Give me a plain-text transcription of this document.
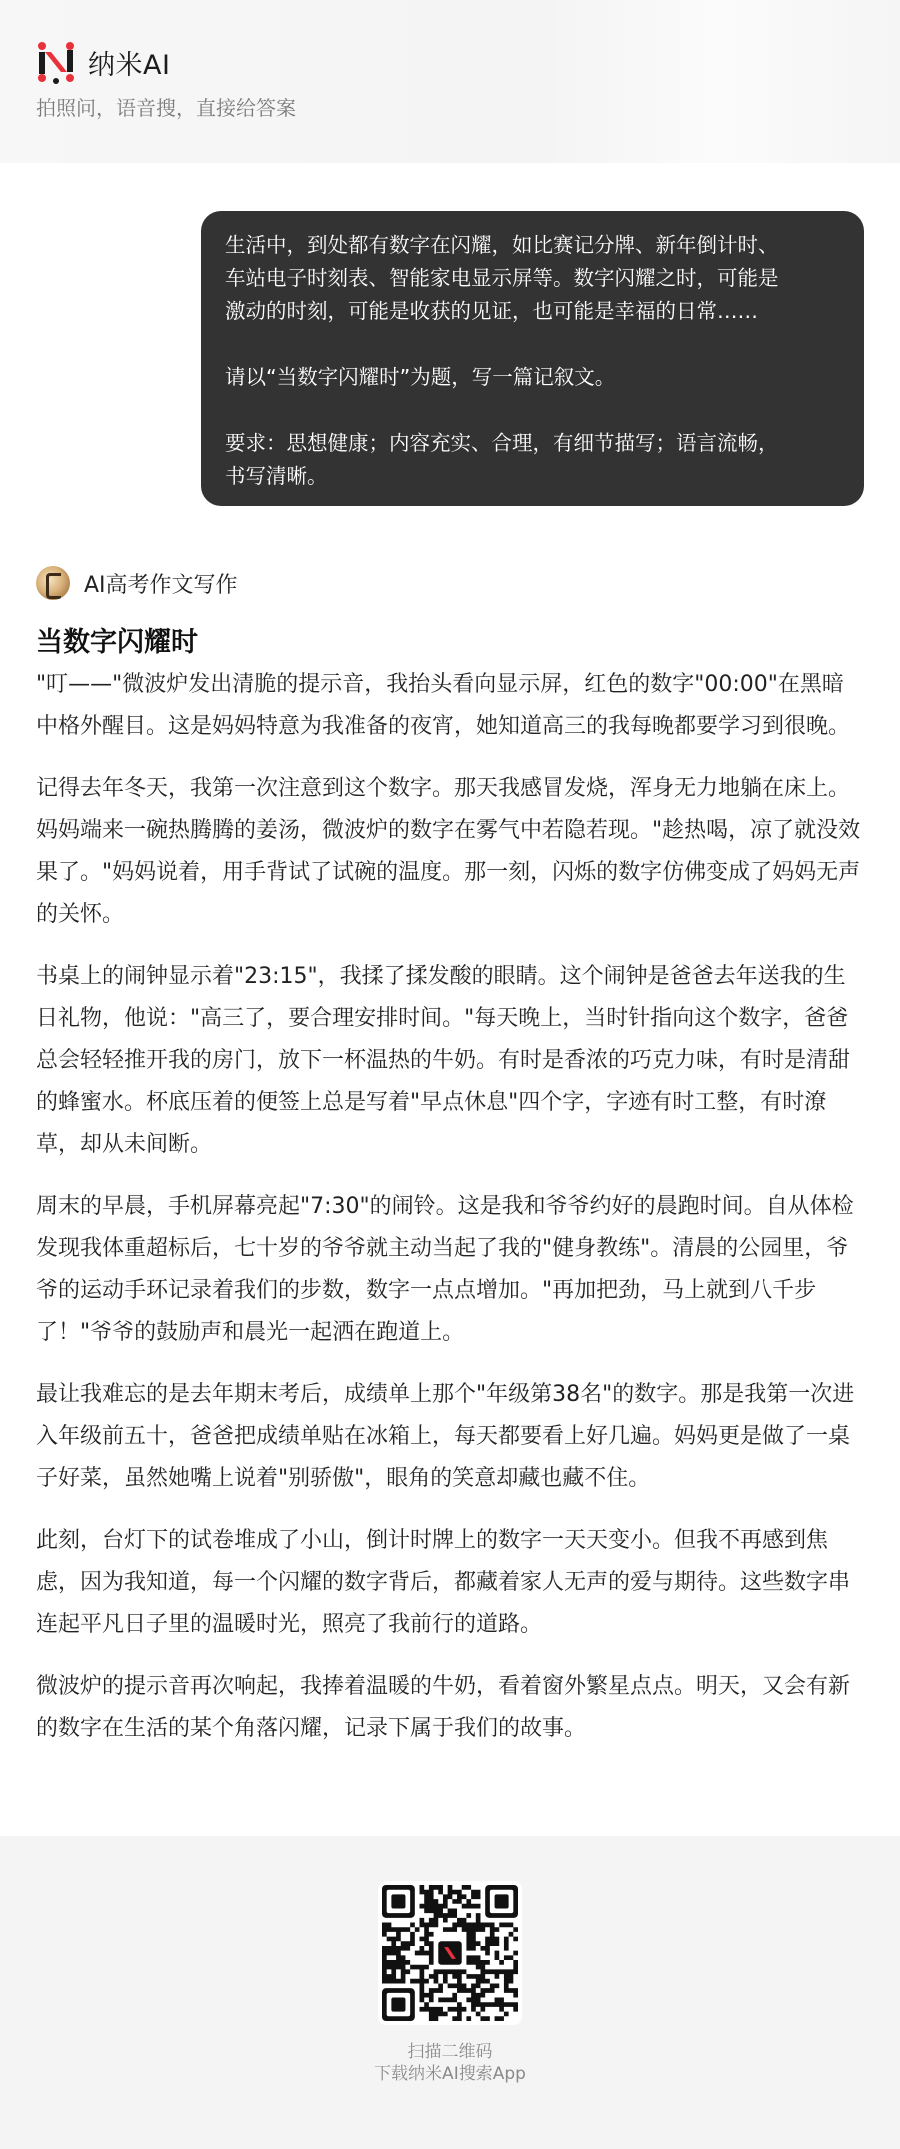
纳米AI
拍照问，语音搜，直接给答案

生活中，到处都有数字在闪耀，如比赛记分牌、新年倒计时、
车站电子时刻表、智能家电显示屏等。数字闪耀之时，可能是
激动的时刻，可能是收获的见证，也可能是幸福的日常……

请以“当数字闪耀时”为题，写一篇记叙文。

要求：思想健康；内容充实、合理，有细节描写；语言流畅，
书写清晰。

AI高考作文写作
当数字闪耀时

"叮——"微波炉发出清脆的提示音，我抬头看向显示屏，红色的数字"00:00"在黑暗中格外醒目。这是妈妈特意为我准备的夜宵，她知道高三的我每晚都要学习到很晚。

记得去年冬天，我第一次注意到这个数字。那天我感冒发烧，浑身无力地躺在床上。妈妈端来一碗热腾腾的姜汤，微波炉的数字在雾气中若隐若现。"趁热喝，凉了就没效果了。"妈妈说着，用手背试了试碗的温度。那一刻，闪烁的数字仿佛变成了妈妈无声的关怀。

书桌上的闹钟显示着"23:15"，我揉了揉发酸的眼睛。这个闹钟是爸爸去年送我的生日礼物，他说："高三了，要合理安排时间。"每天晚上，当时针指向这个数字，爸爸总会轻轻推开我的房门，放下一杯温热的牛奶。有时是香浓的巧克力味，有时是清甜的蜂蜜水。杯底压着的便签上总是写着"早点休息"四个字，字迹有时工整，有时潦草，却从未间断。

周末的早晨，手机屏幕亮起"7:30"的闹铃。这是我和爷爷约好的晨跑时间。自从体检发现我体重超标后，七十岁的爷爷就主动当起了我的"健身教练"。清晨的公园里，爷爷的运动手环记录着我们的步数，数字一点点增加。"再加把劲，马上就到八千步了！"爷爷的鼓励声和晨光一起洒在跑道上。

最让我难忘的是去年期末考后，成绩单上那个"年级第38名"的数字。那是我第一次进入年级前五十，爸爸把成绩单贴在冰箱上，每天都要看上好几遍。妈妈更是做了一桌子好菜，虽然她嘴上说着"别骄傲"，眼角的笑意却藏也藏不住。

此刻，台灯下的试卷堆成了小山，倒计时牌上的数字一天天变小。但我不再感到焦虑，因为我知道，每一个闪耀的数字背后，都藏着家人无声的爱与期待。这些数字串连起平凡日子里的温暖时光，照亮了我前行的道路。

微波炉的提示音再次响起，我捧着温暖的牛奶，看着窗外繁星点点。明天，又会有新的数字在生活的某个角落闪耀，记录下属于我们的故事。

扫描二维码
下载纳米AI搜索App
